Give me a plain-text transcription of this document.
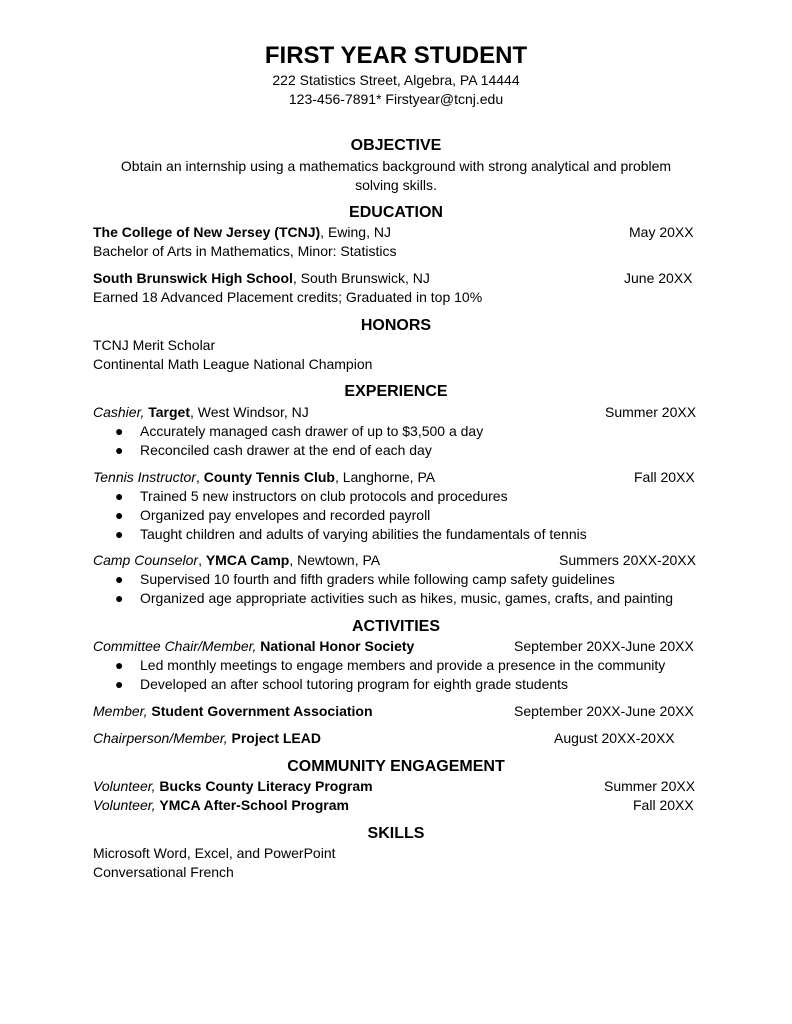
FIRST YEAR STUDENT
222 Statistics Street, Algebra, PA 14444
123-456-7891* Firstyear@tcnj.edu
OBJECTIVE
Obtain an internship using a mathematics background with strong analytical and problem solving skills.
EDUCATION
The College of New Jersey (TCNJ), Ewing, NJ	May 20XX
Bachelor of Arts in Mathematics, Minor: Statistics
South Brunswick High School, South Brunswick, NJ	June 20XX
Earned 18 Advanced Placement credits; Graduated in top 10%
HONORS
TCNJ Merit Scholar
Continental Math League National Champion
EXPERIENCE
Cashier, Target, West Windsor, NJ	Summer 20XX
● Accurately managed cash drawer of up to $3,500 a day
● Reconciled cash drawer at the end of each day
Tennis Instructor, County Tennis Club, Langhorne, PA	Fall 20XX
● Trained 5 new instructors on club protocols and procedures
● Organized pay envelopes and recorded payroll
● Taught children and adults of varying abilities the fundamentals of tennis
Camp Counselor, YMCA Camp, Newtown, PA	Summers 20XX-20XX
● Supervised 10 fourth and fifth graders while following camp safety guidelines
● Organized age appropriate activities such as hikes, music, games, crafts, and painting
ACTIVITIES
Committee Chair/Member, National Honor Society	September 20XX-June 20XX
● Led monthly meetings to engage members and provide a presence in the community
● Developed an after school tutoring program for eighth grade students
Member, Student Government Association	September 20XX-June 20XX
Chairperson/Member, Project LEAD	August 20XX-20XX
COMMUNITY ENGAGEMENT
Volunteer, Bucks County Literacy Program	Summer 20XX
Volunteer, YMCA After-School Program	Fall 20XX
SKILLS
Microsoft Word, Excel, and PowerPoint
Conversational French
